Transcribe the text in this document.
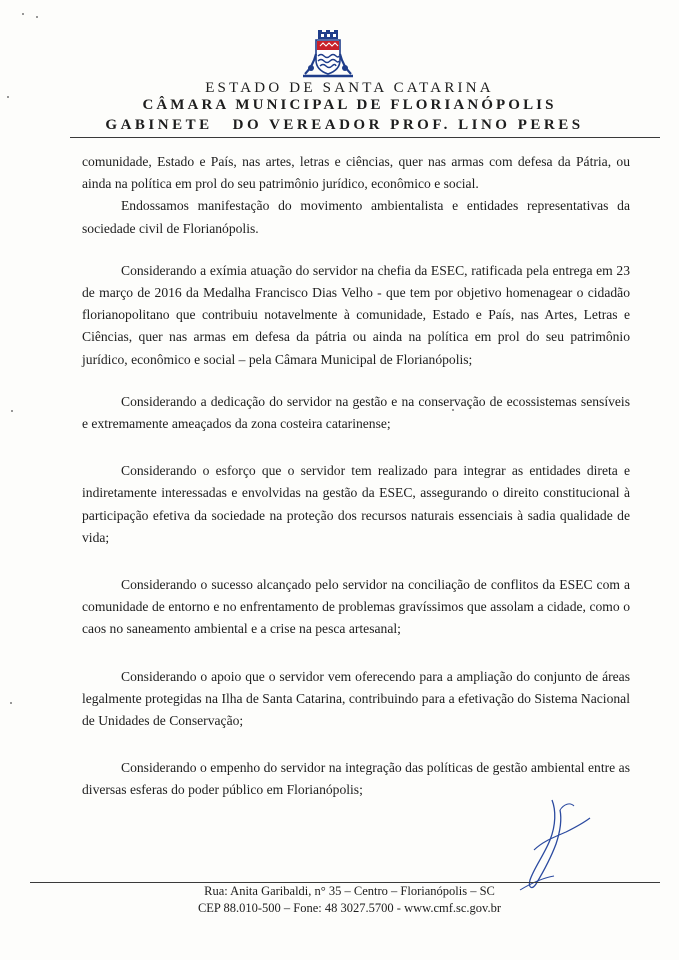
ESTADO DE SANTA CATARINA
CÂMARA MUNICIPAL DE FLORIANÓPOLIS
GABINETE DO VEREADOR PROF. LINO PERES

comunidade, Estado e País, nas artes, letras e ciências, quer nas armas com defesa da Pátria, ou ainda na política em prol do seu patrimônio jurídico, econômico e social.

Endossamos manifestação do movimento ambientalista e entidades representativas da sociedade civil de Florianópolis.

Considerando a exímia atuação do servidor na chefia da ESEC, ratificada pela entrega em 23 de março de 2016 da Medalha Francisco Dias Velho - que tem por objetivo homenagear o cidadão florianopolitano que contribuiu notavelmente à comunidade, Estado e País, nas Artes, Letras e Ciências, quer nas armas em defesa da pátria ou ainda na política em prol do seu patrimônio jurídico, econômico e social – pela Câmara Municipal de Florianópolis;

Considerando a dedicação do servidor na gestão e na conservação de ecossistemas sensíveis e extremamente ameaçados da zona costeira catarinense;

Considerando o esforço que o servidor tem realizado para integrar as entidades direta e indiretamente interessadas e envolvidas na gestão da ESEC, assegurando o direito constitucional à participação efetiva da sociedade na proteção dos recursos naturais essenciais à sadia qualidade de vida;

Considerando o sucesso alcançado pelo servidor na conciliação de conflitos da ESEC com a comunidade de entorno e no enfrentamento de problemas gravíssimos que assolam a cidade, como o caos no saneamento ambiental e a crise na pesca artesanal;

Considerando o apoio que o servidor vem oferecendo para a ampliação do conjunto de áreas legalmente protegidas na Ilha de Santa Catarina, contribuindo para a efetivação do Sistema Nacional de Unidades de Conservação;

Considerando o empenho do servidor na integração das políticas de gestão ambiental entre as diversas esferas do poder público em Florianópolis;

Rua: Anita Garibaldi, n° 35 – Centro – Florianópolis – SC
CEP 88.010-500 – Fone: 48 3027.5700 - www.cmf.sc.gov.br
